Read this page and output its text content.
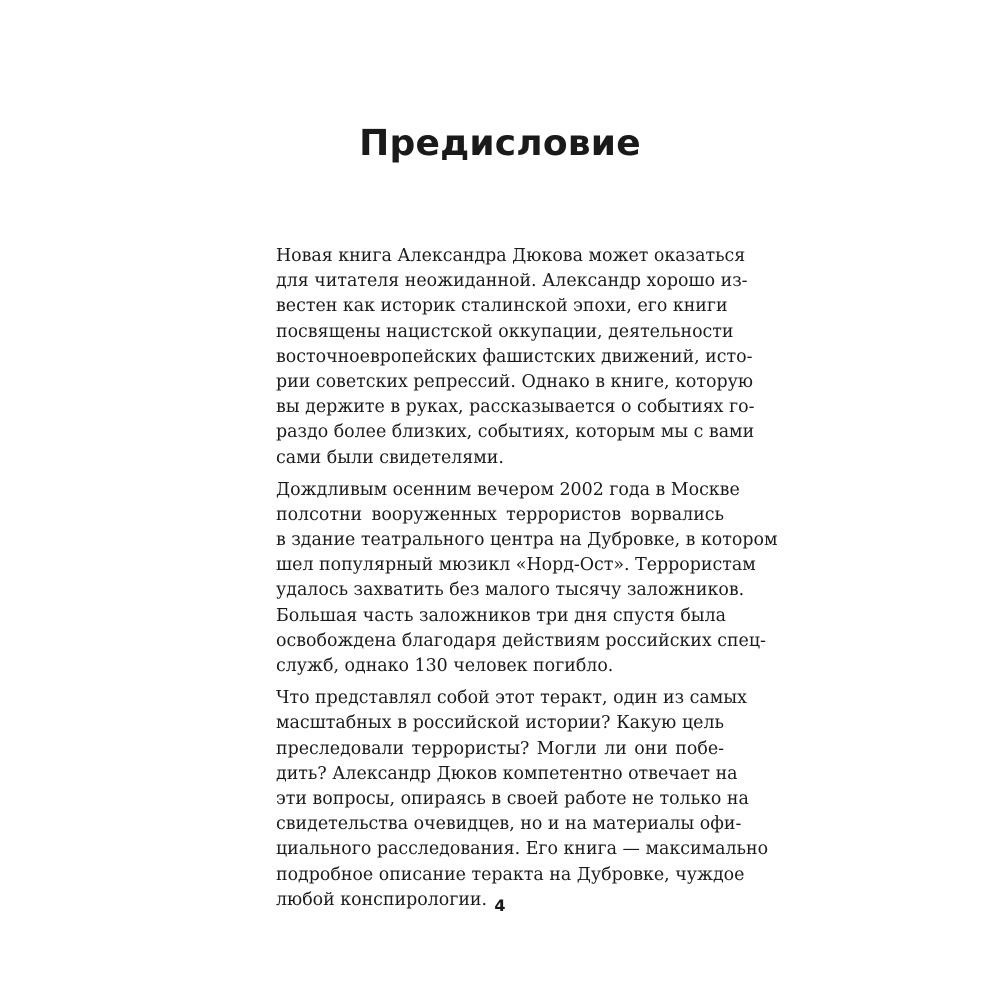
Предисловие
Новая книга Александра Дюкова может оказаться
для читателя неожиданной. Александр хорошо из-
вестен как историк сталинской эпохи, его книги
посвящены нацистской оккупации, деятельности
восточноевропейских фашистских движений, исто-
рии советских репрессий. Однако в книге, которую
вы держите в руках, рассказывается о событиях го-
раздо более близких, событиях, которым мы с вами
сами были свидетелями.
Дождливым осенним вечером 2002 года в Москве
полсотни вооруженных террористов ворвались
в здание театрального центра на Дубровке, в котором
шел популярный мюзикл «Норд-Ост». Террористам
удалось захватить без малого тысячу заложников.
Большая часть заложников три дня спустя была
освобождена благодаря действиям российских спец-
служб, однако 130 человек погибло.
Что представлял собой этот теракт, один из самых
масштабных в российской истории? Какую цель
преследовали террористы? Могли ли они побе-
дить? Александр Дюков компетентно отвечает на
эти вопросы, опираясь в своей работе не только на
свидетельства очевидцев, но и на материалы офи-
циального расследования. Его книга — максимально
подробное описание теракта на Дубровке, чуждое
любой конспирологии. 4
